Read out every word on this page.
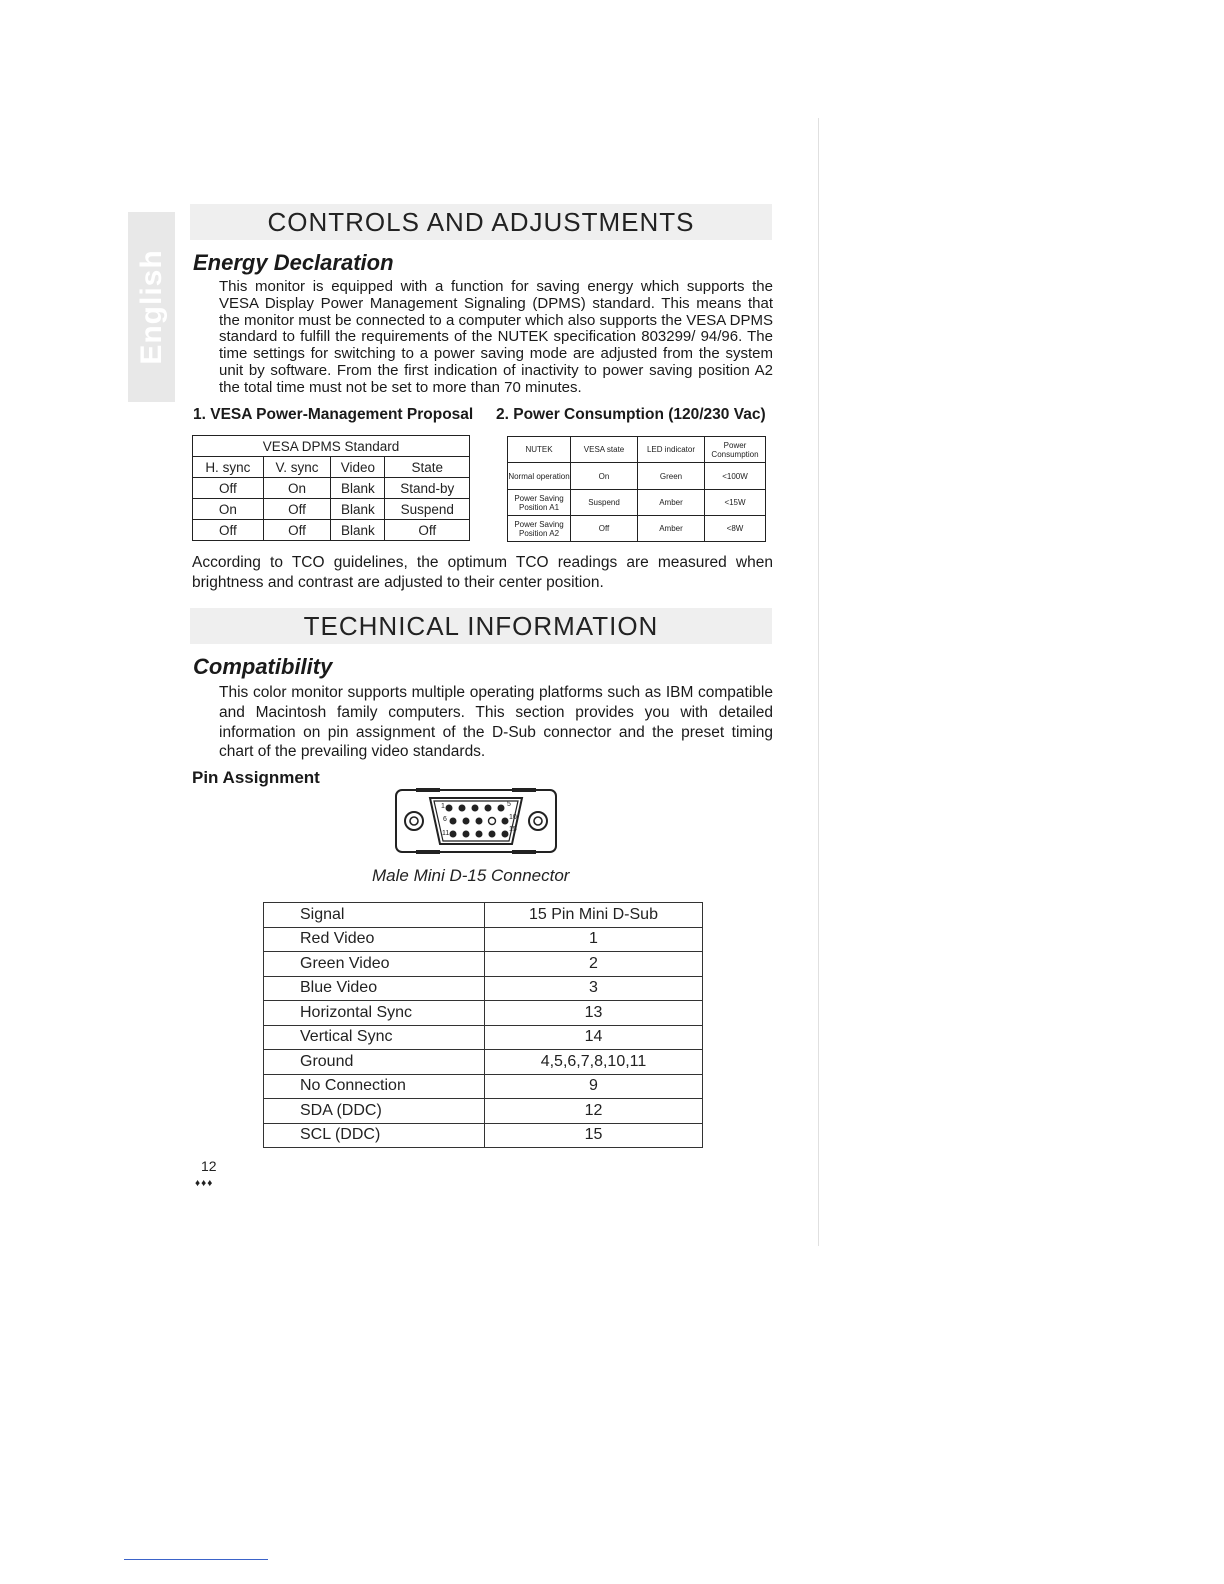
English
CONTROLS AND ADJUSTMENTS
Energy Declaration

This monitor is equipped with a function for saving energy which supports the VESA Display Power Management Signaling (DPMS) standard. This means that the monitor must be connected to a computer which also supports the VESA DPMS standard to fulfill the requirements of the NUTEK specification 803299/ 94/96. The time settings for switching to a power saving mode are adjusted from the system unit by software. From the first indication of inactivity to power saving position A2 the total time must not be set to more than 70 minutes.

1. VESA Power-Management Proposal 2. Power Consumption (120/230 Vac)

VESA DPMS Standard			
H. sync	V. sync	Video	State
Off	On	Blank	Stand-by
On	Off	Blank	Suspend
Off	Off	Blank	Off
NUTEK	VESA state	LED indicator	Power Consumption
Normal operation	On	Green	<100W
Power Saving Position A1	Suspend	Amber	<15W
Power Saving Position A2	Off	Amber	<8W

According to TCO guidelines, the optimum TCO readings are measured when brightness and contrast are adjusted to their center position.

TECHNICAL INFORMATION
Compatibility

This color monitor supports multiple operating platforms such as IBM compatible and Macintosh family computers. This section provides you with detailed information on pin assignment of the D-Sub connector and the preset timing chart of the prevailing video standards.

Pin Assignment

1	5
6	10
11
15

Male Mini D-15 Connector

Signal	15 Pin Mini D-Sub
Red Video	1
Green Video	2
Blue Video	3
Horizontal Sync	13
Vertical Sync	14
Ground	4,5,6,7,8,10,11
No Connection	9
SDA (DDC)	12
SCL (DDC)	15
12
♦♦♦
